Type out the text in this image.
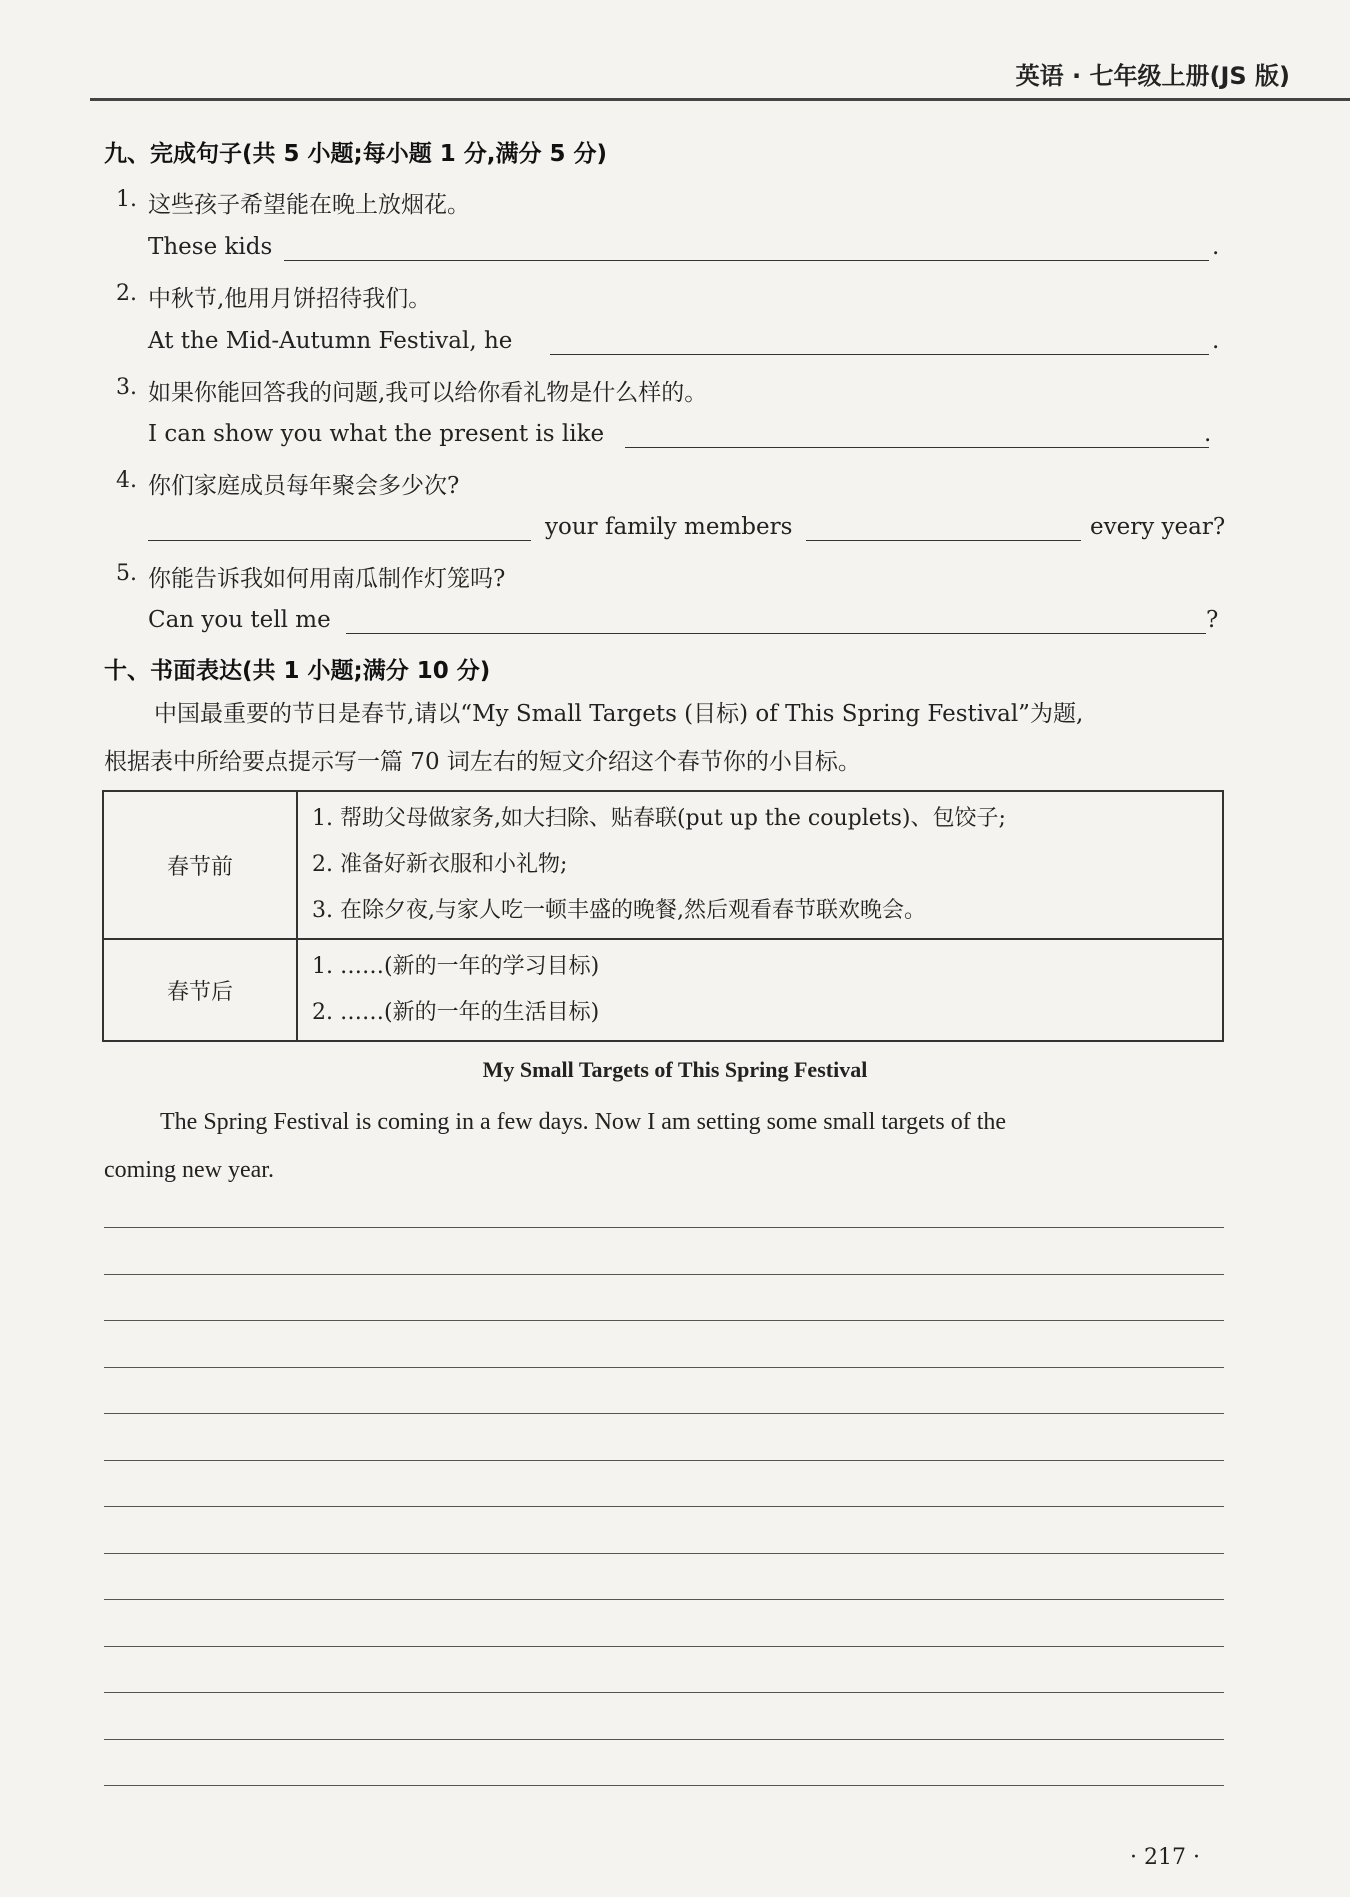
英语 · 七年级上册(JS 版)
九、完成句子(共 5 小题;每小题 1 分,满分 5 分)
1. 这些孩子希望能在晚上放烟花。
These kids	.
2. 中秋节,他用月饼招待我们。
At the Mid-Autumn Festival, he	.
3. 如果你能回答我的问题,我可以给你看礼物是什么样的。
I can show you what the present is like	.
4. 你们家庭成员每年聚会多少次?
your family members	every year?
5. 你能告诉我如何用南瓜制作灯笼吗?
Can you tell me	?
十、书面表达(共 1 小题;满分 10 分)
中国最重要的节日是春节,请以“My Small Targets (目标) of This Spring Festival”为题,
根据表中所给要点提示写一篇 70 词左右的短文介绍这个春节你的小目标。
春节前	1. 帮助父母做家务,如大扫除、贴春联(put up the couplets)、包饺子;
2. 准备好新衣服和小礼物;
3. 在除夕夜,与家人吃一顿丰盛的晚餐,然后观看春节联欢晚会。

春节后	1. ……(新的一年的学习目标)
2. ……(新的一年的生活目标)
My Small Targets of This Spring Festival
The Spring Festival is coming in a few days. Now I am setting some small targets of the
coming new year.
· 217 ·
